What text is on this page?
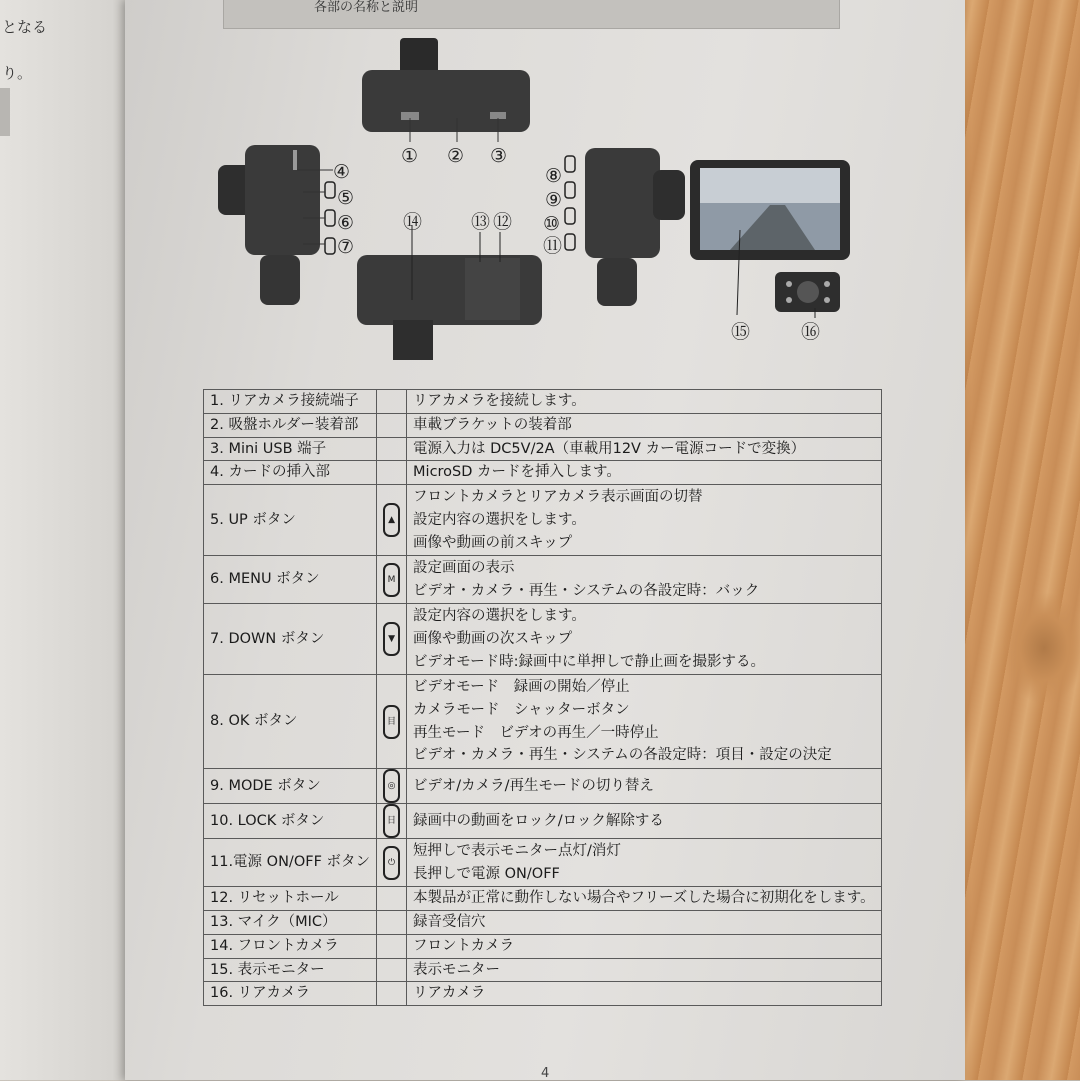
となる
り。
各部の名称と説明
① ② ③
④
⑤
⑥
⑦
⑭	⑬ ⑫
⑧
⑨
⑩
⑪
⑮	⑯
1. リアカメラ接続端子		リアカメラを接続します。

2. 吸盤ホルダー装着部		車載ブラケットの装着部

3. Mini USB 端子		電源入力は DC5V/2A（車載用12V カー電源コードで変換）

4. カードの挿入部		MicroSD カードを挿入します。

5. UP ボタン	▲	フロントカメラとリアカメラ表示画面の切替
設定内容の選択をします。
画像や動画の前スキップ

6. MENU ボタン	M	設定画面の表示
ビデオ・カメラ・再生・システムの各設定時：バック

7. DOWN ボタン	▼	設定内容の選択をします。
画像や動画の次スキップ
ビデオモード時:録画中に単押しで静止画を撮影する。

8. OK ボタン	目	ビデオモード　録画の開始／停止
カメラモード　シャッターボタン
再生モード　ビデオの再生／一時停止
ビデオ・カメラ・再生・システムの各設定時：項目・設定の決定

9. MODE ボタン	◎	ビデオ/カメラ/再生モードの切り替え

10. LOCK ボタン	日	録画中の動画をロック/ロック解除する

11.電源 ON/OFF ボタン	⏻	短押しで表示モニター点灯/消灯
長押しで電源 ON/OFF

12. リセットホール		本製品が正常に動作しない場合やフリーズした場合に初期化をします。

13. マイク（MIC）		録音受信穴

14. フロントカメラ		フロントカメラ

15. 表示モニター		表示モニター

16. リアカメラ		リアカメラ
4
